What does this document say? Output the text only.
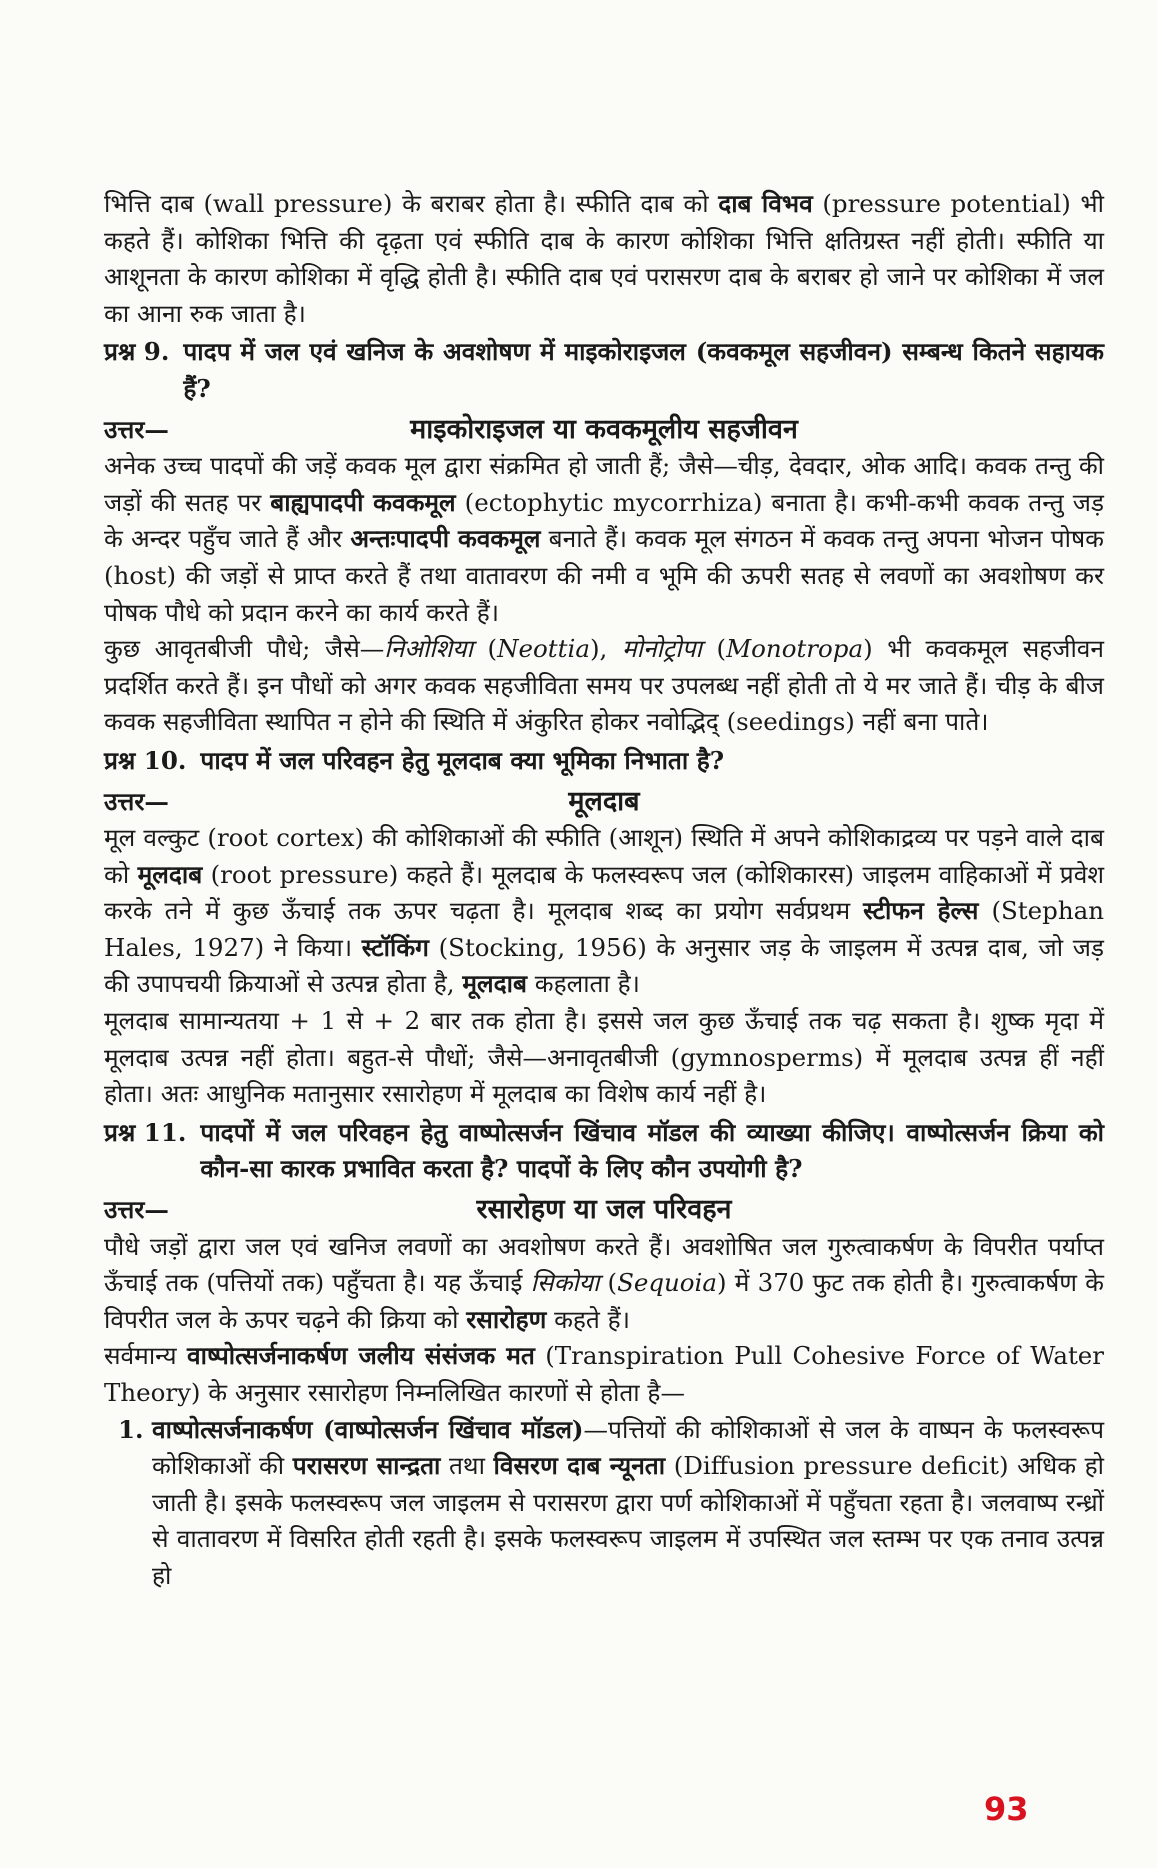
भित्ति दाब (wall pressure) के बराबर होता है। स्फीति दाब को दाब विभव (pressure potential) भी कहते हैं। कोशिका भित्ति की दृढ़ता एवं स्फीति दाब के कारण कोशिका भित्ति क्षतिग्रस्त नहीं होती। स्फीति या आशूनता के कारण कोशिका में वृद्धि होती है। स्फीति दाब एवं परासरण दाब के बराबर हो जाने पर कोशिका में जल का आना रुक जाता है।

प्रश्न 9. पादप में जल एवं खनिज के अवशोषण में माइकोराइजल (कवकमूल सहजीवन) सम्बन्ध कितने सहायक हैं?
उत्तर—	माइकोराइजल या कवकमूलीय सहजीवन

अनेक उच्च पादपों की जड़ें कवक मूल द्वारा संक्रमित हो जाती हैं; जैसे—चीड़, देवदार, ओक आदि। कवक तन्तु की जड़ों की सतह पर बाह्यपादपी कवकमूल (ectophytic mycorrhiza) बनाता है। कभी-कभी कवक तन्तु जड़ के अन्दर पहुँच जाते हैं और अन्तःपादपी कवकमूल बनाते हैं। कवक मूल संगठन में कवक तन्तु अपना भोजन पोषक (host) की जड़ों से प्राप्त करते हैं तथा वातावरण की नमी व भूमि की ऊपरी सतह से लवणों का अवशोषण कर पोषक पौधे को प्रदान करने का कार्य करते हैं।

कुछ आवृतबीजी पौधे; जैसे—निओशिया (Neottia), मोनोट्रोपा (Monotropa) भी कवकमूल सहजीवन प्रदर्शित करते हैं। इन पौधों को अगर कवक सहजीविता समय पर उपलब्ध नहीं होती तो ये मर जाते हैं। चीड़ के बीज कवक सहजीविता स्थापित न होने की स्थिति में अंकुरित होकर नवोद्भिद् (seedings) नहीं बना पाते।

प्रश्न 10. पादप में जल परिवहन हेतु मूलदाब क्या भूमिका निभाता है?
उत्तर—	मूलदाब

मूल वल्कुट (root cortex) की कोशिकाओं की स्फीति (आशून) स्थिति में अपने कोशिकाद्रव्य पर पड़ने वाले दाब को मूलदाब (root pressure) कहते हैं। मूलदाब के फलस्वरूप जल (कोशिकारस) जाइलम वाहिकाओं में प्रवेश करके तने में कुछ ऊँचाई तक ऊपर चढ़ता है। मूलदाब शब्द का प्रयोग सर्वप्रथम स्टीफन हेल्स (Stephan Hales, 1927) ने किया। स्टॉकिंग (Stocking, 1956) के अनुसार जड़ के जाइलम में उत्पन्न दाब, जो जड़ की उपापचयी क्रियाओं से उत्पन्न होता है, मूलदाब कहलाता है।

मूलदाब सामान्यतया + 1 से + 2 बार तक होता है। इससे जल कुछ ऊँचाई तक चढ़ सकता है। शुष्क मृदा में मूलदाब उत्पन्न नहीं होता। बहुत-से पौधों; जैसे—अनावृतबीजी (gymnosperms) में मूलदाब उत्पन्न हीं नहीं होता। अतः आधुनिक मतानुसार रसारोहण में मूलदाब का विशेष कार्य नहीं है।

प्रश्न 11. पादपों में जल परिवहन हेतु वाष्पोत्सर्जन खिंचाव मॉडल की व्याख्या कीजिए। वाष्पोत्सर्जन क्रिया को कौन-सा कारक प्रभावित करता है? पादपों के लिए कौन उपयोगी है?
उत्तर—	रसारोहण या जल परिवहन

पौधे जड़ों द्वारा जल एवं खनिज लवणों का अवशोषण करते हैं। अवशोषित जल गुरुत्वाकर्षण के विपरीत पर्याप्त ऊँचाई तक (पत्तियों तक) पहुँचता है। यह ऊँचाई सिकोया (Sequoia) में 370 फुट तक होती है। गुरुत्वाकर्षण के विपरीत जल के ऊपर चढ़ने की क्रिया को रसारोहण कहते हैं।

सर्वमान्य वाष्पोत्सर्जनाकर्षण जलीय संसंजक मत (Transpiration Pull Cohesive Force of Water Theory) के अनुसार रसारोहण निम्नलिखित कारणों से होता है—

1. वाष्पोत्सर्जनाकर्षण (वाष्पोत्सर्जन खिंचाव मॉडल)—पत्तियों की कोशिकाओं से जल के वाष्पन के फलस्वरूप कोशिकाओं की परासरण सान्द्रता तथा विसरण दाब न्यूनता (Diffusion pressure deficit) अधिक हो जाती है। इसके फलस्वरूप जल जाइलम से परासरण द्वारा पर्ण कोशिकाओं में पहुँचता रहता है। जलवाष्प रन्ध्रों से वातावरण में विसरित होती रहती है। इसके फलस्वरूप जाइलम में उपस्थित जल स्तम्भ पर एक तनाव उत्पन्न हो
93
